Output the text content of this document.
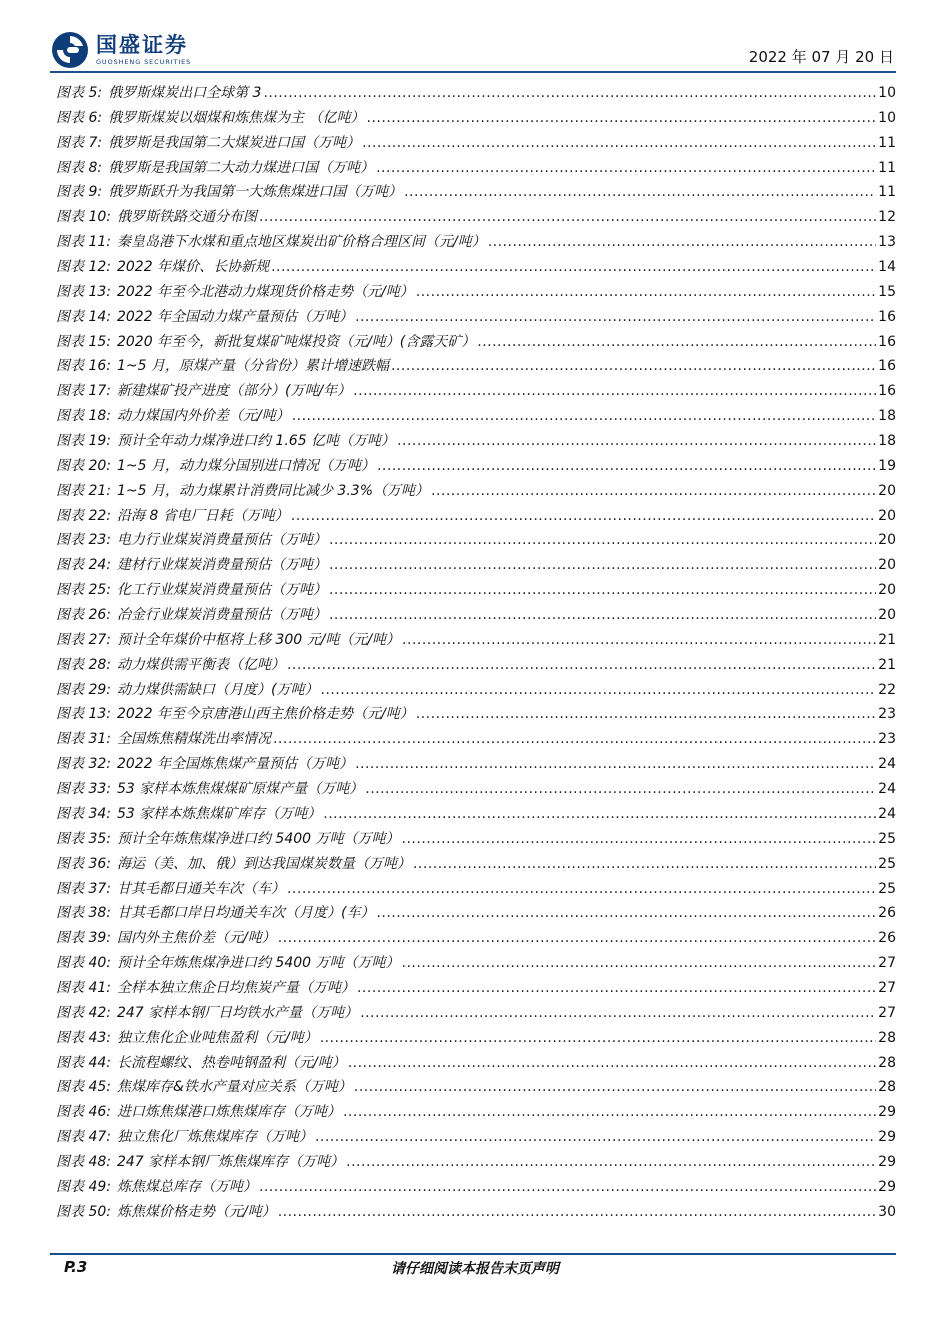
国盛证券
GUOSHENG SECURITIES	2022 年 07 月 20 日
图表 5: 俄罗斯煤炭出口全球第 3 .....	10
图表 6: 俄罗斯煤炭以烟煤和炼焦煤为主 （亿吨） .....	10
图表 7: 俄罗斯是我国第二大煤炭进口国（万吨） .....	11
图表 8: 俄罗斯是我国第二大动力煤进口国（万吨） .....	11
图表 9: 俄罗斯跃升为我国第一大炼焦煤进口国（万吨） .....	11
图表 10: 俄罗斯铁路交通分布图 .....	12
图表 11: 秦皇岛港下水煤和重点地区煤炭出矿价格合理区间（元/吨） .....	13
图表 12: 2022 年煤价、长协新规 .....	14
图表 13: 2022 年至今北港动力煤现货价格走势（元/吨） .....	15
图表 14: 2022 年全国动力煤产量预估（万吨） .....	16
图表 15: 2020 年至今，新批复煤矿吨煤投资（元/吨）(含露天矿） .....	16
图表 16: 1~5 月，原煤产量（分省份）累计增速跌幅 .....	16
图表 17: 新建煤矿投产进度（部分）(万吨/年） .....	16
图表 18: 动力煤国内外价差（元/吨） .....	18
图表 19: 预计全年动力煤净进口约 1.65 亿吨（万吨） .....	18
图表 20: 1~5 月，动力煤分国别进口情况（万吨） .....	19
图表 21: 1~5 月，动力煤累计消费同比减少 3.3%（万吨） .....	20
图表 22: 沿海 8 省电厂日耗（万吨） .....	20
图表 23: 电力行业煤炭消费量预估（万吨） .....	20
图表 24: 建材行业煤炭消费量预估（万吨） .....	20
图表 25: 化工行业煤炭消费量预估（万吨） .....	20
图表 26: 冶金行业煤炭消费量预估（万吨） .....	20
图表 27: 预计全年煤价中枢将上移 300 元/吨（元/吨） .....	21
图表 28: 动力煤供需平衡表（亿吨） .....	21
图表 29: 动力煤供需缺口（月度）(万吨） .....	22
图表 13: 2022 年至今京唐港山西主焦价格走势（元/吨） .....	23
图表 31: 全国炼焦精煤洗出率情况 .....	23
图表 32: 2022 年全国炼焦煤产量预估（万吨） .....	24
图表 33: 53 家样本炼焦煤煤矿原煤产量（万吨） .....	24
图表 34: 53 家样本炼焦煤矿库存（万吨） .....	24
图表 35: 预计全年炼焦煤净进口约 5400 万吨（万吨） .....	25
图表 36: 海运（美、加、俄）到达我国煤炭数量（万吨） .....	25
图表 37: 甘其毛都日通关车次（车） .....	25
图表 38: 甘其毛都口岸日均通关车次（月度）(车） .....	26
图表 39: 国内外主焦价差（元/吨） .....	26
图表 40: 预计全年炼焦煤净进口约 5400 万吨（万吨） .....	27
图表 41: 全样本独立焦企日均焦炭产量（万吨） .....	27
图表 42: 247 家样本钢厂日均铁水产量（万吨） .....	27
图表 43: 独立焦化企业吨焦盈利（元/吨） .....	28
图表 44: 长流程螺纹、热卷吨钢盈利（元/吨） .....	28
图表 45: 焦煤库存&铁水产量对应关系（万吨） .....	28
图表 46: 进口炼焦煤港口炼焦煤库存（万吨） .....	29
图表 47: 独立焦化厂炼焦煤库存（万吨） .....	29
图表 48: 247 家样本钢厂炼焦煤库存（万吨） .....	29
图表 49: 炼焦煤总库存（万吨） .....	29
图表 50: 炼焦煤价格走势（元/吨） .....	30
请仔细阅读本报告末页声明
P.3
